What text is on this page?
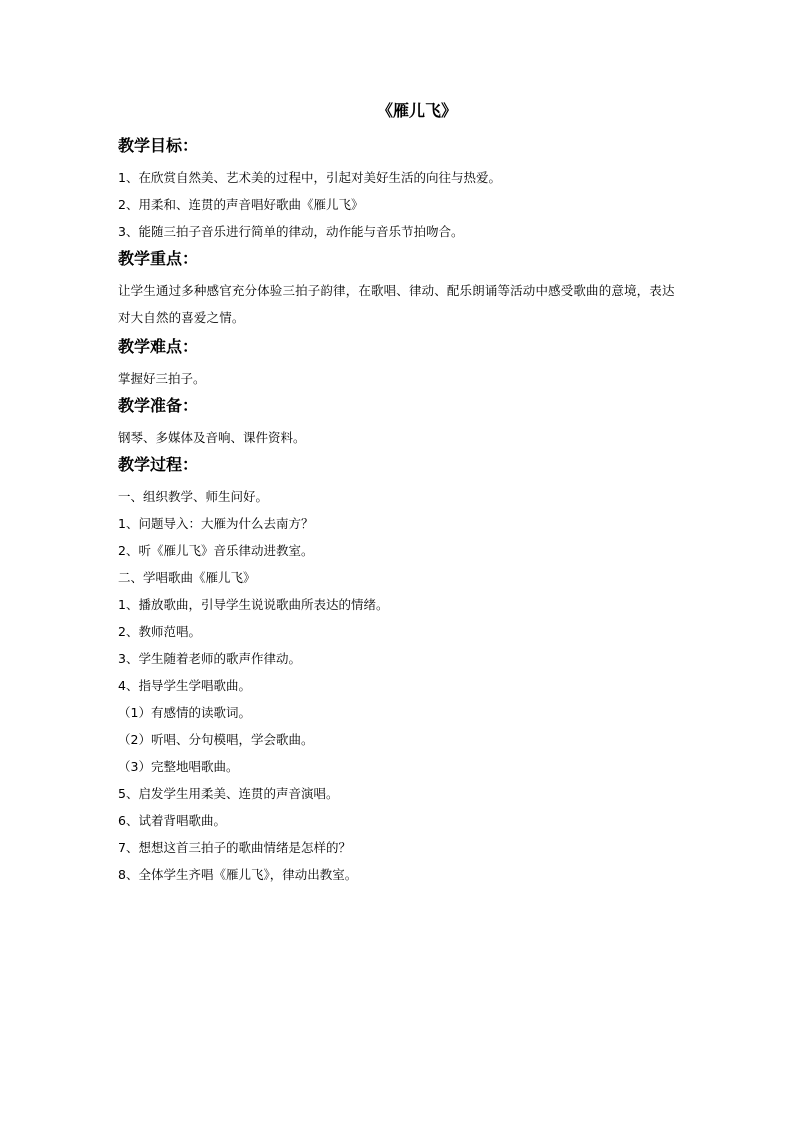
《雁儿飞》
教学目标：
1、在欣赏自然美、艺术美的过程中，引起对美好生活的向往与热爱。
2、用柔和、连贯的声音唱好歌曲《雁儿飞》
3、能随三拍子音乐进行简单的律动，动作能与音乐节拍吻合。
教学重点：
让学生通过多种感官充分体验三拍子韵律，在歌唱、律动、配乐朗诵等活动中感受歌曲的意境，表达对大自然的喜爱之情。
教学难点：
掌握好三拍子。
教学准备：
钢琴、多媒体及音响、课件资料。
教学过程：
一、组织教学、师生问好。
1、问题导入：大雁为什么去南方？
2、听《雁儿飞》音乐律动进教室。
二、学唱歌曲《雁儿飞》
1、播放歌曲，引导学生说说歌曲所表达的情绪。
2、教师范唱。
3、学生随着老师的歌声作律动。
4、指导学生学唱歌曲。
（1）有感情的读歌词。
（2）听唱、分句模唱，学会歌曲。
（3）完整地唱歌曲。
5、启发学生用柔美、连贯的声音演唱。
6、试着背唱歌曲。
7、想想这首三拍子的歌曲情绪是怎样的？
8、全体学生齐唱《雁儿飞》，律动出教室。
